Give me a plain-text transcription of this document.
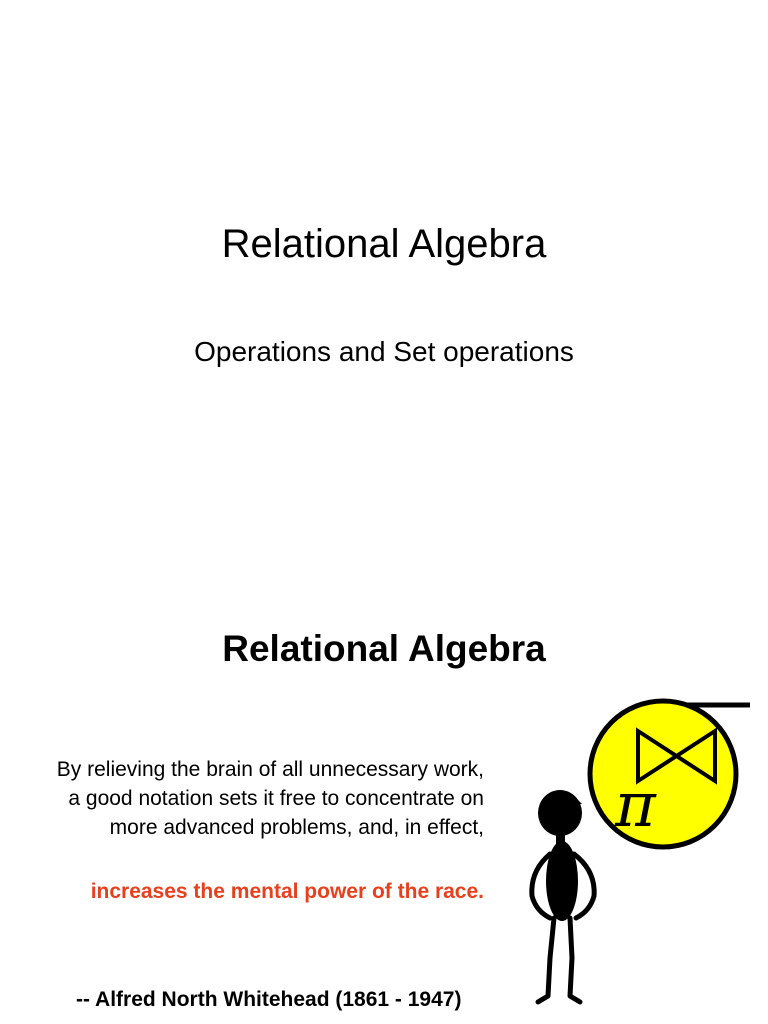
Relational Algebra
Operations and Set operations
Relational Algebra
By relieving the brain of all unnecessary work, a good notation sets it free to concentrate on more advanced problems, and, in effect,
increases the mental power of the race.
-- Alfred North Whitehead (1861 - 1947)
π
